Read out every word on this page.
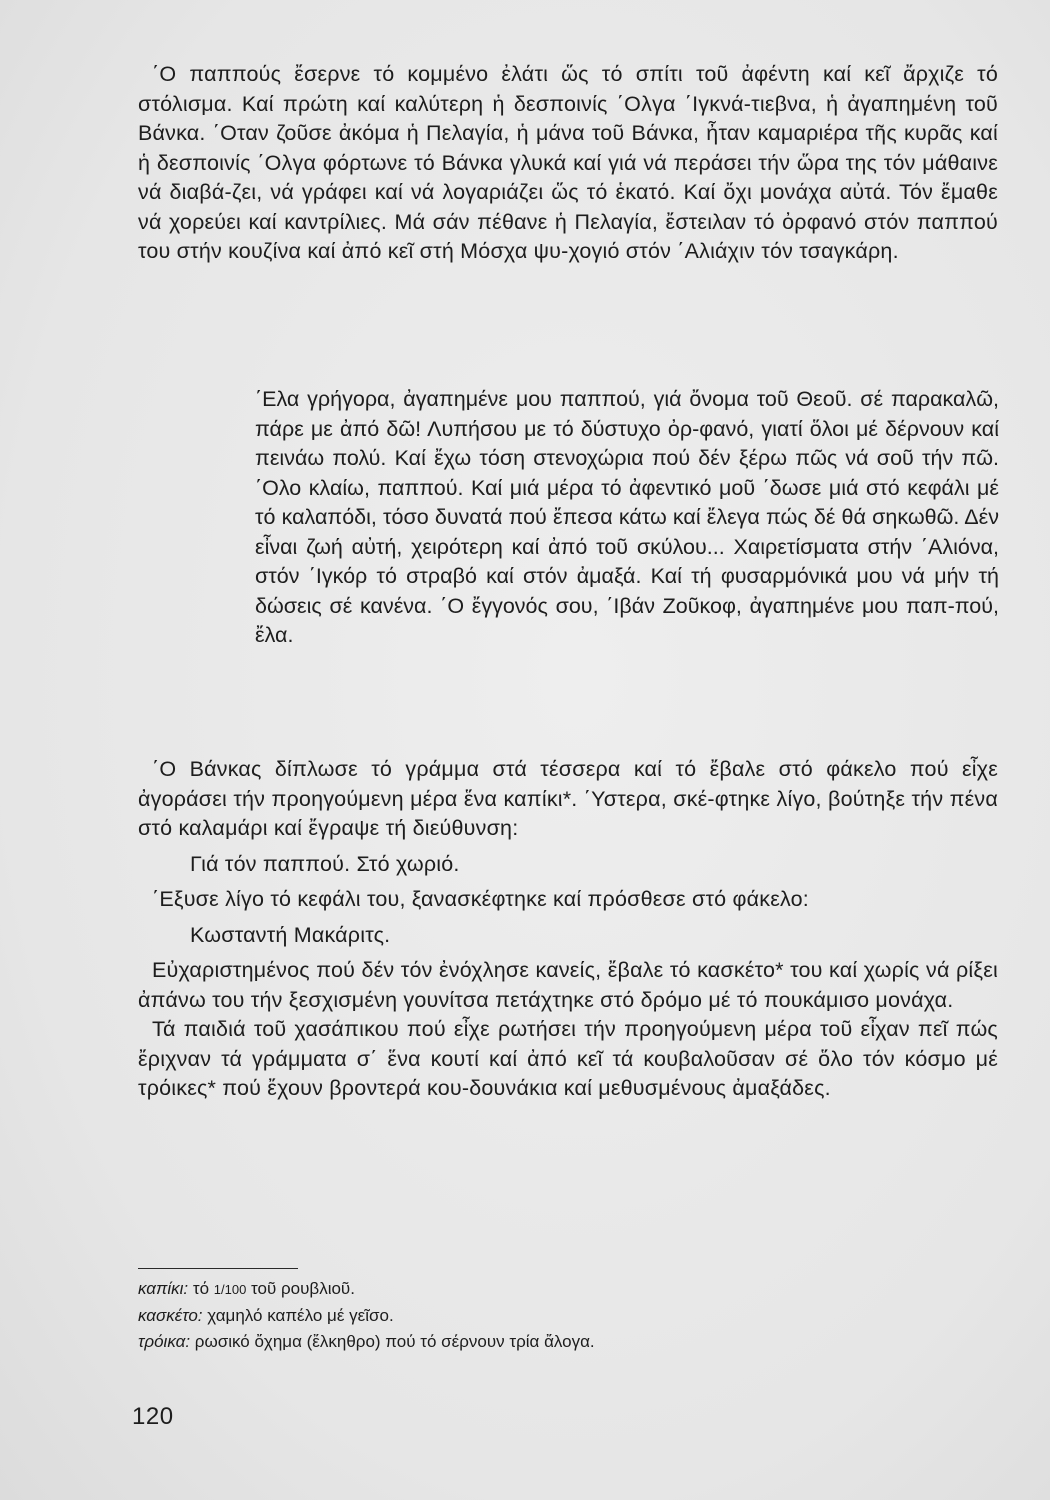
΄Ο παππούς ἔσερνε τό κομμένο ἐλάτι ὥς τό σπίτι τοῦ ἀφέντη καί κεῖ ἄρχιζε τό στόλισμα. Καί πρώτη καί καλύτερη ἡ δεσποινίς ΄Ολγα ΄Ιγκνά-τιεβνα, ἡ ἀγαπημένη τοῦ Βάνκα. ΄Οταν ζοῦσε ἀκόμα ἡ Πελαγία, ἡ μάνα τοῦ Βάνκα, ἦταν καμαριέρα τῆς κυρᾶς καί ἡ δεσποινίς ΄Ολγα φόρτωνε τό Βάνκα γλυκά καί γιά νά περάσει τήν ὥρα της τόν μάθαινε νά διαβά-ζει, νά γράφει καί νά λογαριάζει ὥς τό ἑκατό. Καί ὄχι μονάχα αὐτά. Τόν ἔμαθε νά χορεύει καί καντρίλιες. Μά σάν πέθανε ἡ Πελαγία, ἔστειλαν τό ὀρφανό στόν παππού του στήν κουζίνα καί ἀπό κεῖ στή Μόσχα ψυ-χογιό στόν ΄Αλιάχιν τόν τσαγκάρη.

΄Ελα γρήγορα, ἀγαπημένε μου παππού, γιά ὄνομα τοῦ Θεοῦ. σέ παρακαλῶ, πάρε με ἀπό δῶ! Λυπήσου με τό δύστυχο ὀρ-φανό, γιατί ὅλοι μέ δέρνουν καί πεινάω πολύ. Καί ἔχω τόση στενοχώρια πού δέν ξέρω πῶς νά σοῦ τήν πῶ. ΄Ολο κλαίω, παππού. Καί μιά μέρα τό ἀφεντικό μοῦ ΄δωσε μιά στό κεφάλι μέ τό καλαπόδι, τόσο δυνατά πού ἔπεσα κάτω καί ἔλεγα πώς δέ θά σηκωθῶ. Δέν εἶναι ζωή αὐτή, χειρότερη καί ἀπό τοῦ σκύλου... Χαιρετίσματα στήν ΄Αλιόνα, στόν ΄Ιγκόρ τό στραβό καί στόν ἀμαξά. Καί τή φυσαρμόνικά μου νά μήν τή δώσεις σέ κανένα. ΄Ο ἔγγονός σου, ΄Ιβάν Ζοῦκοφ, ἀγαπημένε μου παπ-πού, ἔλα.

΄Ο Βάνκας δίπλωσε τό γράμμα στά τέσσερα καί τό ἔβαλε στό φάκελο πού εἶχε ἀγοράσει τήν προηγούμενη μέρα ἕνα καπίκι*. ΄Υστερα, σκέ-φτηκε λίγο, βούτηξε τήν πένα στό καλαμάρι καί ἔγραψε τή διεύθυνση:

Γιά τόν παππού. Στό χωριό.

΄Εξυσε λίγο τό κεφάλι του, ξανασκέφτηκε καί πρόσθεσε στό φάκελο:

Κωσταντή Μακάριτς.

Εὐχαριστημένος πού δέν τόν ἐνόχλησε κανείς, ἔβαλε τό κασκέτο* του καί χωρίς νά ρίξει ἀπάνω του τήν ξεσχισμένη γουνίτσα πετάχτηκε στό δρόμο μέ τό πουκάμισο μονάχα.

Τά παιδιά τοῦ χασάπικου πού εἶχε ρωτήσει τήν προηγούμενη μέρα τοῦ εἶχαν πεῖ πώς ἔριχναν τά γράμματα σ΄ ἕνα κουτί καί ἀπό κεῖ τά κουβαλοῦσαν σέ ὅλο τόν κόσμο μέ τρόικες* πού ἔχουν βροντερά κου-δουνάκια καί μεθυσμένους ἀμαξάδες.

καπίκι: τό 1/100 τοῦ ρουβλιοῦ.

κασκέτο: χαμηλό καπέλο μέ γεῖσο.

τρόικα: ρωσικό ὄχημα (ἔλκηθρο) πού τό σέρνουν τρία ἄλογα.

120
